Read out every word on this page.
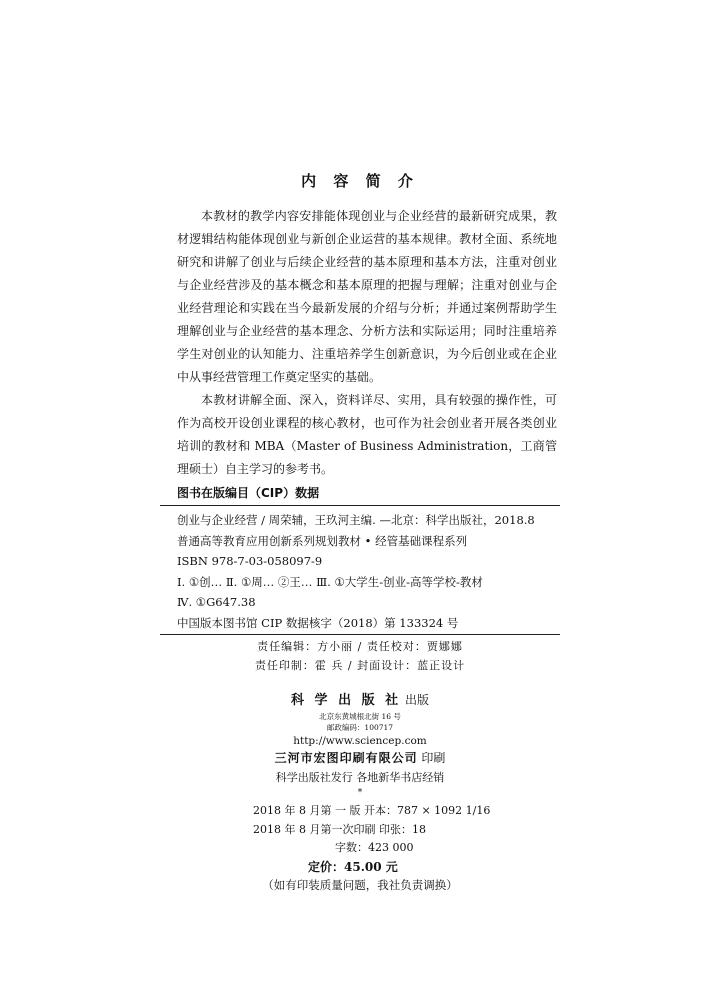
内 容 简 介

本教材的教学内容安排能体现创业与企业经营的最新研究成果，教材逻辑结构能体现创业与新创企业运营的基本规律。教材全面、系统地研究和讲解了创业与后续企业经营的基本原理和基本方法，注重对创业与企业经营涉及的基本概念和基本原理的把握与理解；注重对创业与企业经营理论和实践在当今最新发展的介绍与分析；并通过案例帮助学生理解创业与企业经营的基本理念、分析方法和实际运用；同时注重培养学生对创业的认知能力、注重培养学生创新意识，为今后创业或在企业中从事经营管理工作奠定坚实的基础。

本教材讲解全面、深入，资料详尽、实用，具有较强的操作性，可作为高校开设创业课程的核心教材，也可作为社会创业者开展各类创业培训的教材和 MBA（Master of Business Administration，工商管理硕士）自主学习的参考书。

图书在版编目（CIP）数据
创业与企业经营 / 周荣辅，王玖河主编. —北京：科学出版社，2018.8
普通高等教育应用创新系列规划教材 • 经管基础课程系列
ISBN 978-7-03-058097-9
Ⅰ. ①创… Ⅱ. ①周… ②王… Ⅲ. ①大学生-创业-高等学校-教材
Ⅳ. ①G647.38
中国版本图书馆 CIP 数据核字（2018）第 133324 号
责任编辑：方小丽 / 责任校对：贾娜娜
责任印制：霍 兵 / 封面设计：蓝正设计
科 学 出 版 社 出版
北京东黄城根北街 16 号
邮政编码：100717
http://www.sciencep.com
三河市宏图印刷有限公司 印刷
科学出版社发行 各地新华书店经销
*
2018 年 8 月第 一 版 开本：787 × 1092 1/16
2018 年 8 月第一次印刷 印张：18
字数：423 000
定价：45.00 元
（如有印装质量问题，我社负责调换）
